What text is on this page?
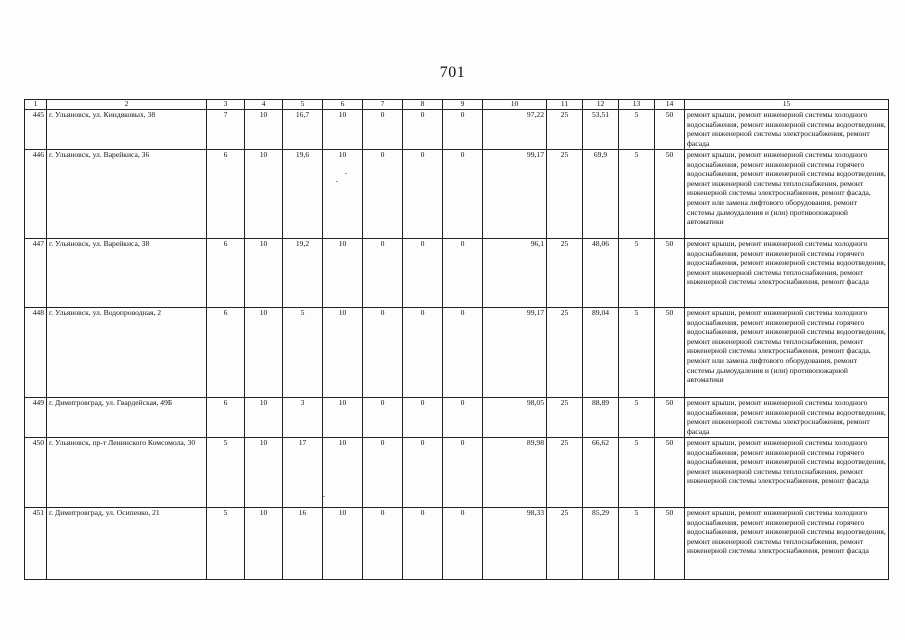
701
1	2	3	4	5	6	7	8	9	10	11	12	13	14	15
445	г. Ульяновск, ул. Киндяковых, 38	7	10	16,7	10	0	0	0	97,22	25	53,51	5	50	ремонт крыши, ремонт инженерной системы холодного водоснабжения, ремонт инженерной системы водоотведения, ремонт инженерной системы электроснабжения, ремонт фасада
446	г. Ульяновск, ул. Варейкиса, 36	6	10	19,6	10	0	0	0	99,17	25	69,9	5	50	ремонт крыши, ремонт инженерной системы холодного водоснабжения, ремонт инженерной системы горячего водоснабжения, ремонт инженерной системы водоотведения, ремонт инженерной системы теплоснабжения, ремонт инженерной системы электроснабжения, ремонт фасада, ремонт или замена лифтового оборудования, ремонт системы дымоудаления и (или) противопожарной автоматики
447	г. Ульяновск, ул. Варейкиса, 38	6	10	19,2	10	0	0	0	96,1	25	48,06	5	50	ремонт крыши, ремонт инженерной системы холодного водоснабжения, ремонт инженерной системы горячего водоснабжения, ремонт инженерной системы водоотведения, ремонт инженерной системы теплоснабжения, ремонт инженерной системы электроснабжения, ремонт фасада
448	г. Ульяновск, ул. Водопроводная, 2	6	10	5	10	0	0	0	99,17	25	89,04	5	50	ремонт крыши, ремонт инженерной системы холодного водоснабжения, ремонт инженерной системы горячего водоснабжения, ремонт инженерной системы водоотведения, ремонт инженерной системы теплоснабжения, ремонт инженерной системы электроснабжения, ремонт фасада, ремонт или замена лифтового оборудования, ремонт системы дымоудаления и (или) противопожарной автоматики
449	г. Димитровград, ул. Гвардейская, 49Б	6	10	3	10	0	0	0	98,05	25	88,89	5	50	ремонт крыши, ремонт инженерной системы холодного водоснабжения, ремонт инженерной системы водоотведения, ремонт инженерной системы электроснабжения, ремонт фасада
450	г. Ульяновск, пр-т Ленинского Комсомола, 30	5	10	17	10	0	0	0	89,98	25	66,62	5	50	ремонт крыши, ремонт инженерной системы холодного водоснабжения, ремонт инженерной системы горячего водоснабжения, ремонт инженерной системы водоотведения, ремонт инженерной системы теплоснабжения, ремонт инженерной системы электроснабжения, ремонт фасада
451	г. Димитровград, ул. Осипенко, 21	5	10	16	10	0	0	0	98,33	25	85,29	5	50	ремонт крыши, ремонт инженерной системы холодного водоснабжения, ремонт инженерной системы горячего водоснабжения, ремонт инженерной системы водоотведения, ремонт инженерной системы теплоснабжения, ремонт инженерной системы электроснабжения, ремонт фасада
